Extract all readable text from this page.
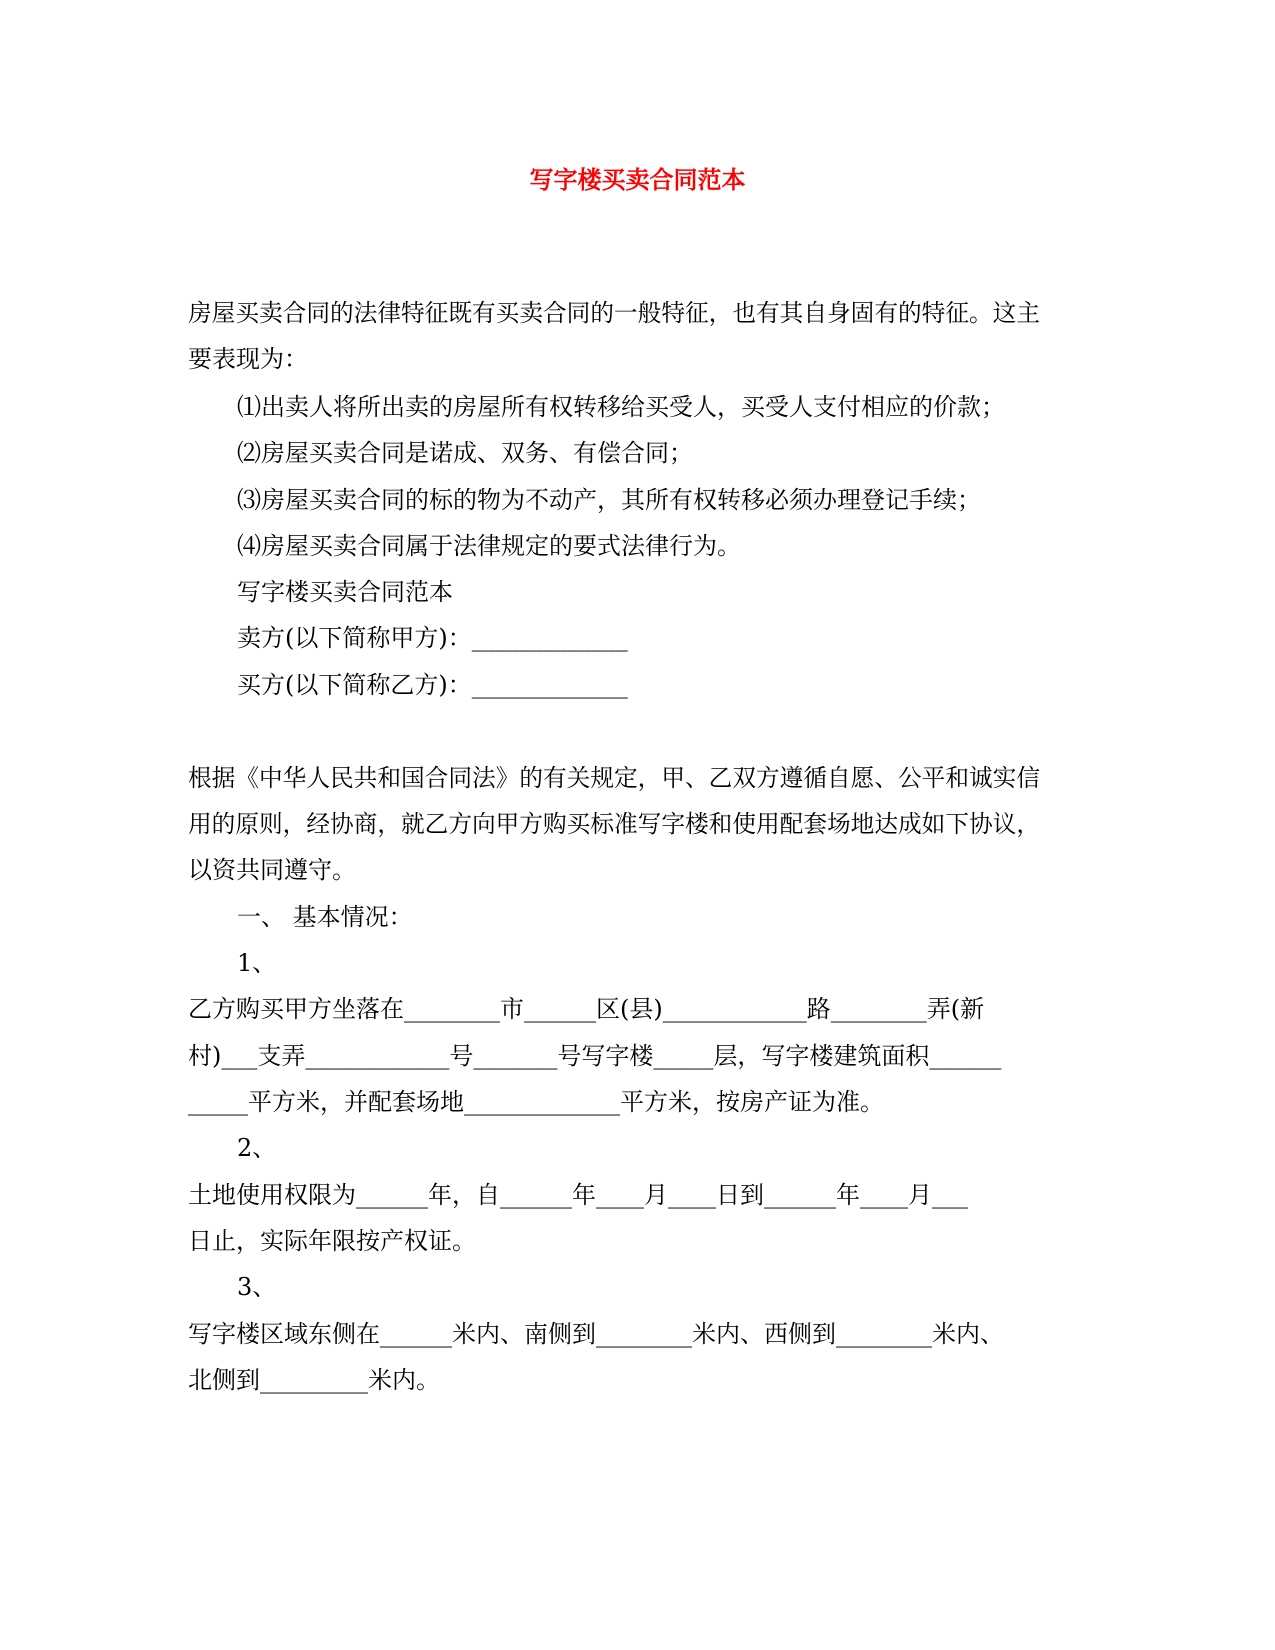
写字楼买卖合同范本
房屋买卖合同的法律特征既有买卖合同的一般特征，也有其自身固有的特征。这主
要表现为：
⑴出卖人将所出卖的房屋所有权转移给买受人，买受人支付相应的价款；
⑵房屋买卖合同是诺成、双务、有偿合同；
⑶房屋买卖合同的标的物为不动产，其所有权转移必须办理登记手续；
⑷房屋买卖合同属于法律规定的要式法律行为。
写字楼买卖合同范本
卖方(以下简称甲方)：_____________
买方(以下简称乙方)：_____________
根据《中华人民共和国合同法》的有关规定，甲、乙双方遵循自愿、公平和诚实信
用的原则，经协商，就乙方向甲方购买标准写字楼和使用配套场地达成如下协议，
以资共同遵守。
一、 基本情况：
1、
乙方购买甲方坐落在________市______区(县)____________路________弄(新
村)___支弄____________号_______号写字楼_____层，写字楼建筑面积______
_____平方米，并配套场地_____________平方米，按房产证为准。
2、
土地使用权限为______年，自______年____月____日到______年____月___
日止，实际年限按产权证。
3、
写字楼区域东侧在______米内、南侧到________米内、西侧到________米内、
北侧到_________米内。
